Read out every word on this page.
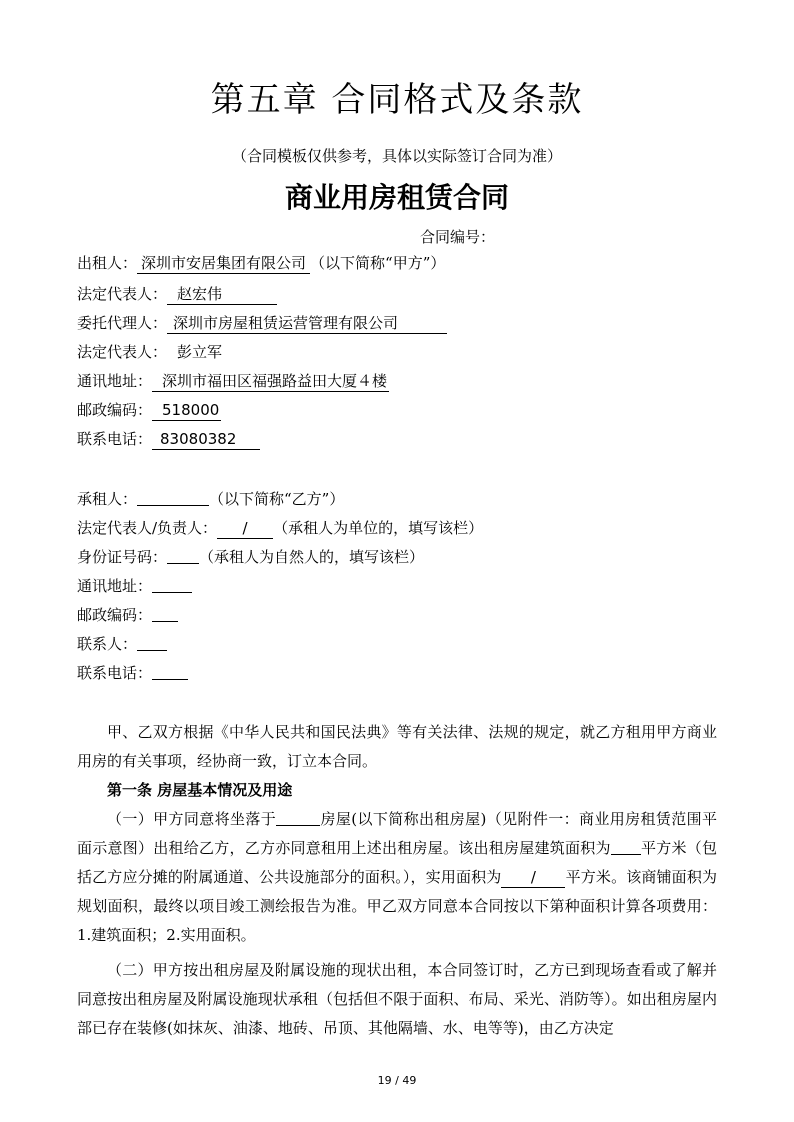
第五章 合同格式及条款
（合同模板仅供参考，具体以实际签订合同为准）
商业用房租赁合同
合同编号：
出租人： 深圳市安居集团有限公司 （以下简称“甲方”）
法定代表人： 赵宏伟
委托代理人： 深圳市房屋租赁运营管理有限公司
法定代表人： 彭立军
通讯地址： 深圳市福田区福强路益田大厦４楼
邮政编码： 518000
联系电话： 83080382
承租人：	（以下简称“乙方”）
法定代表人/负责人： / （承租人为单位的，填写该栏）
身份证号码： （承租人为自然人的，填写该栏）
通讯地址：
邮政编码：
联系人：
联系电话：
甲、乙双方根据《中华人民共和国民法典》等有关法律、法规的规定，就乙方租用甲方商业用房的有关事项，经协商一致，订立本合同。
第一条 房屋基本情况及用途
（一）甲方同意将坐落于	房屋(以下简称出租房屋)（见附件一：商业用房租赁范围平面示意图）出租给乙方，乙方亦同意租用上述出租房屋。该出租房屋建筑面积为 平方米（包括乙方应分摊的附属通道、公共设施部分的面积。），实用面积为 / 平方米。该商铺面积为规划面积，最终以项目竣工测绘报告为准。甲乙双方同意本合同按以下第种面积计算各项费用：1.建筑面积；2.实用面积。
（二）甲方按出租房屋及附属设施的现状出租，本合同签订时，乙方已到现场查看或了解并同意按出租房屋及附属设施现状承租（包括但不限于面积、布局、采光、消防等）。如出租房屋内部已存在装修(如抹灰、油漆、地砖、吊顶、其他隔墙、水、电等等)，由乙方决定
19 / 49
